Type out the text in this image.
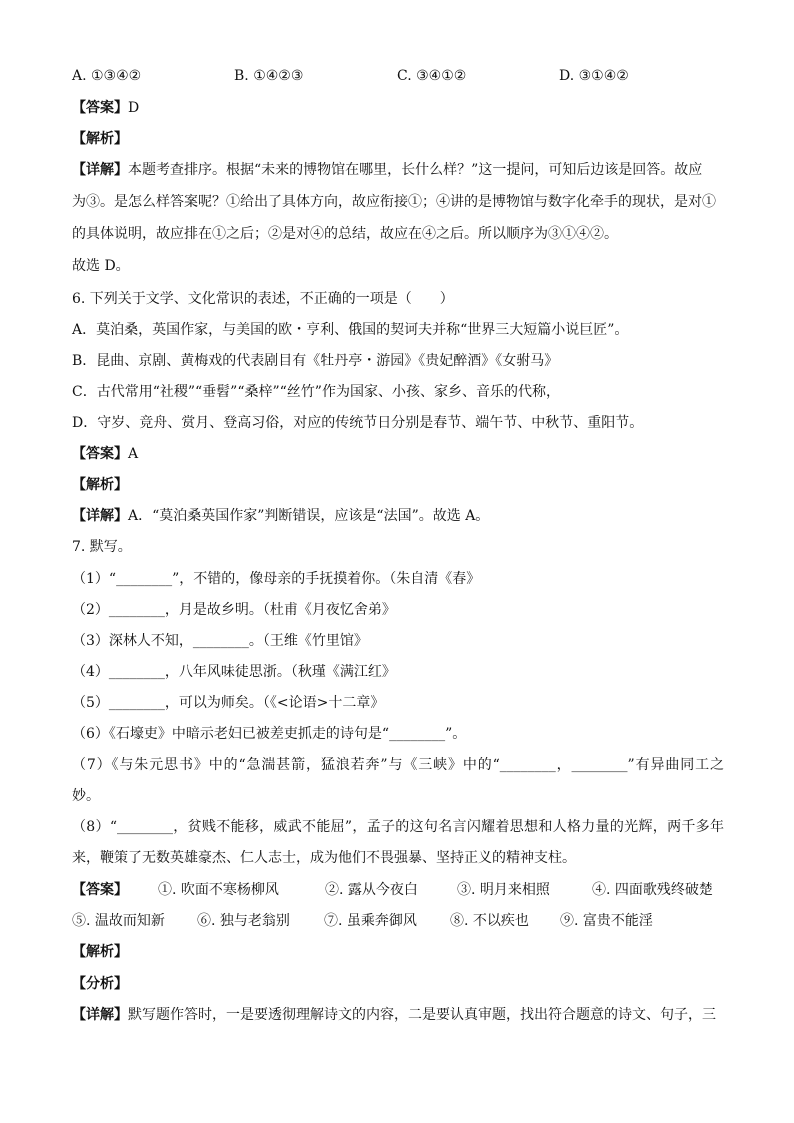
A. ①③④②	B. ①④②③	C. ③④①②	D. ③①④②
【答案】D
【解析】
【详解】本题考查排序。根据“未来的博物馆在哪里，长什么样？”这一提问，可知后边该是回答。故应
为③。是怎么样答案呢？①给出了具体方向，故应衔接①；④讲的是博物馆与数字化牵手的现状，是对①
的具体说明，故应排在①之后；②是对④的总结，故应在④之后。所以顺序为③①④②。
故选 D。
6. 下列关于文学、文化常识的表述，不正确的一项是（　　）
A．莫泊桑，英国作家，与美国的欧・亨利、俄国的契诃夫并称“世界三大短篇小说巨匠”。
B．昆曲、京剧、黄梅戏的代表剧目有《牡丹亭・游园》《贵妃醉酒》《女驸马》
C．古代常用“社稷”“垂髫”“桑梓”“丝竹”作为国家、小孩、家乡、音乐的代称，
D．守岁、竞舟、赏月、登高习俗，对应的传统节日分别是春节、端午节、中秋节、重阳节。
【答案】A
【解析】
【详解】A．“莫泊桑英国作家”判断错误，应该是“法国”。故选 A。
7. 默写。
（1）“________”，不错的，像母亲的手抚摸着你。（朱自清《春》
（2）________，月是故乡明。（杜甫《月夜忆舍弟》
（3）深林人不知，________。（王维《竹里馆》
（4）________，八年风味徒思浙。（秋瑾《满江红》
（5）________，可以为师矣。（《<论语>十二章》
（6）《石壕吏》中暗示老妇已被差吏抓走的诗句是“________”。
（7）《与朱元思书》中的“急湍甚箭，猛浪若奔”与《三峡》中的“________，________”有异曲同工之
妙。
（8）“________，贫贱不能移，威武不能屈”，孟子的这句名言闪耀着思想和人格力量的光辉，两千多年
来，鞭策了无数英雄豪杰、仁人志士，成为他们不畏强暴、坚持正义的精神支柱。
【答案】 ①. 吹面不寒杨柳风	②. 露从今夜白	③. 明月来相照	④. 四面歌残终破楚
⑤. 温故而知新 ⑥. 独与老翁别 ⑦. 虽乘奔御风 ⑧. 不以疾也 ⑨. 富贵不能淫
【解析】
【分析】
【详解】默写题作答时，一是要透彻理解诗文的内容，二是要认真审题，找出符合题意的诗文、句子，三
